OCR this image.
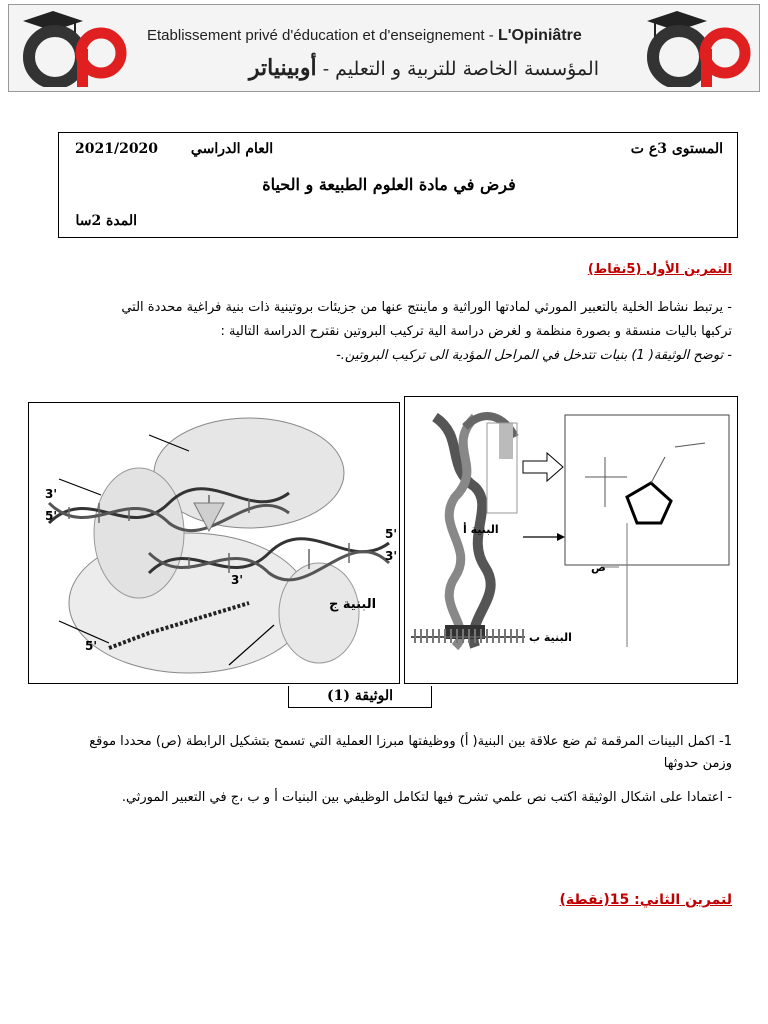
Etablissement privé d'éducation et d'enseignement - L'Opiniâtre
المؤسسة الخاصة للتربية و التعليم - أوبينياتر
المستوى 3ع ت
2021/2020 العام الدراسي
فرض في مادة العلوم الطبيعة و الحياة
المدة 2سا
التمرين الأول (5نقاط)
- يرتبط نشاط الخلية بالتعبير المورثي لمادتها الوراثية و ماينتج عنها من جزيئات بروتينية ذات بنية فراغية محددة التي
تركبها باليات منسقة و بصورة منظمة و لغرض دراسة الية تركيب البروتين نقترح الدراسة التالية :
- توضح الوثيقة( 1) بنيات تتدخل في المراحل المؤدية الى تركيب البروتين.-
3'
5'
5'
3'
3'
5'
البنية ج
البنية أ
البنية ب
ص
الوثيقة (1)
1- اكمل البينات المرقمة ثم ضع علاقة بين البنية( أ) ووظيفتها مبرزا العملية التي تسمح بتشكيل الرابطة (ص) محددا موقع
وزمن حدوثها
- اعتمادا على اشكال الوثيقة اكتب نص علمي تشرح فيها لتكامل الوظيفي بين البنيات أ و ب ،ج في التعبير المورثي.
لتمرين الثاني: 15(نقطة)
